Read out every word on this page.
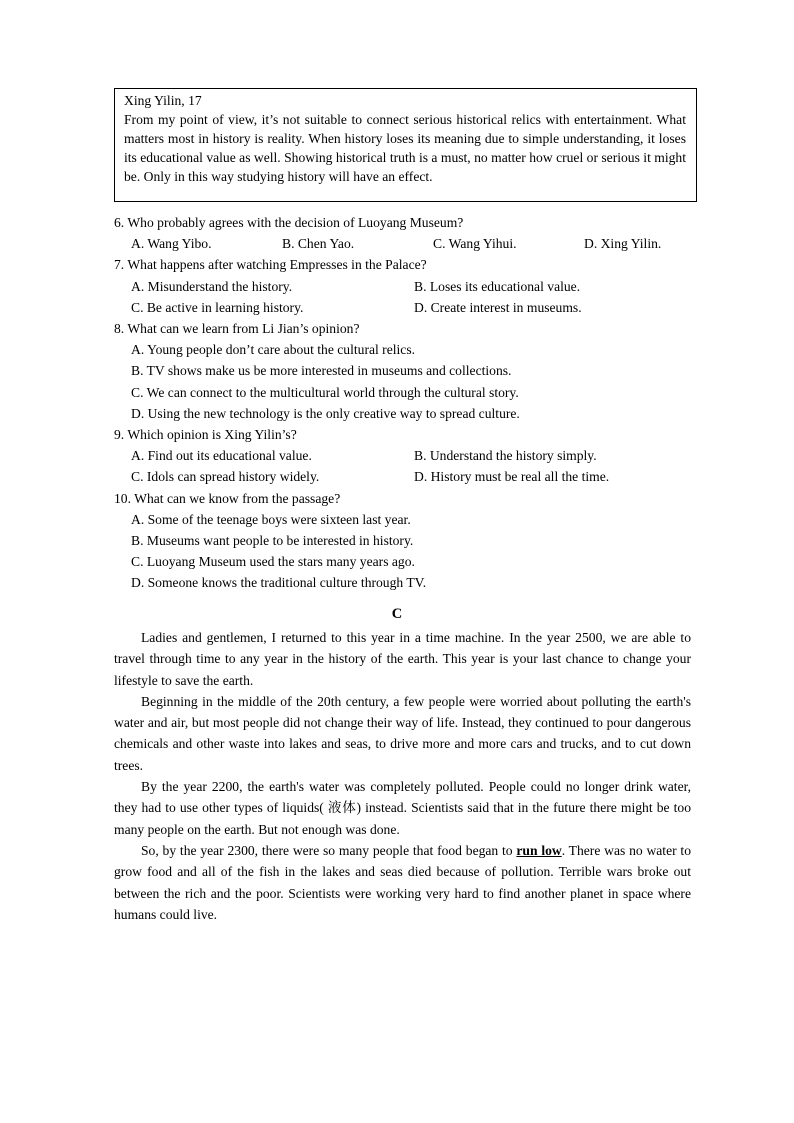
Xing Yilin, 17

From my point of view, it’s not suitable to connect serious historical relics with entertainment. What matters most in history is reality. When history loses its meaning due to simple understanding, it loses its educational value as well. Showing historical truth is a must, no matter how cruel or serious it might be. Only in this way studying history will have an effect.

6. Who probably agrees with the decision of Luoyang Museum?

A. Wang Yibo.	B. Chen Yao.	C. Wang Yihui.	D. Xing Yilin.

7. What happens after watching Empresses in the Palace?

A. Misunderstand the history.	B. Loses its educational value.
C. Be active in learning history.	D. Create interest in museums.

8. What can we learn from Li Jian’s opinion?

A. Young people don’t care about the cultural relics.
B. TV shows make us be more interested in museums and collections.
C. We can connect to the multicultural world through the cultural story.
D. Using the new technology is the only creative way to spread culture.

9. Which opinion is Xing Yilin’s?

A. Find out its educational value.	B. Understand the history simply.
C. Idols can spread history widely.	D. History must be real all the time.

10. What can we know from the passage?

A. Some of the teenage boys were sixteen last year.
B. Museums want people to be interested in history.
C. Luoyang Museum used the stars many years ago.
D. Someone knows the traditional culture through TV.
C

Ladies and gentlemen, I returned to this year in a time machine. In the year 2500, we are able to travel through time to any year in the history of the earth. This year is your last chance to change your lifestyle to save the earth.

Beginning in the middle of the 20th century, a few people were worried about polluting the earth's water and air, but most people did not change their way of life. Instead, they continued to pour dangerous chemicals and other waste into lakes and seas, to drive more and more cars and trucks, and to cut down trees.

By the year 2200, the earth's water was completely polluted. People could no longer drink water, they had to use other types of liquids( 液体) instead. Scientists said that in the future there might be too many people on the earth. But not enough was done.

So, by the year 2300, there were so many people that food began to run low. There was no water to grow food and all of the fish in the lakes and seas died because of pollution. Terrible wars broke out between the rich and the poor. Scientists were working very hard to find another planet in space where humans could live.
